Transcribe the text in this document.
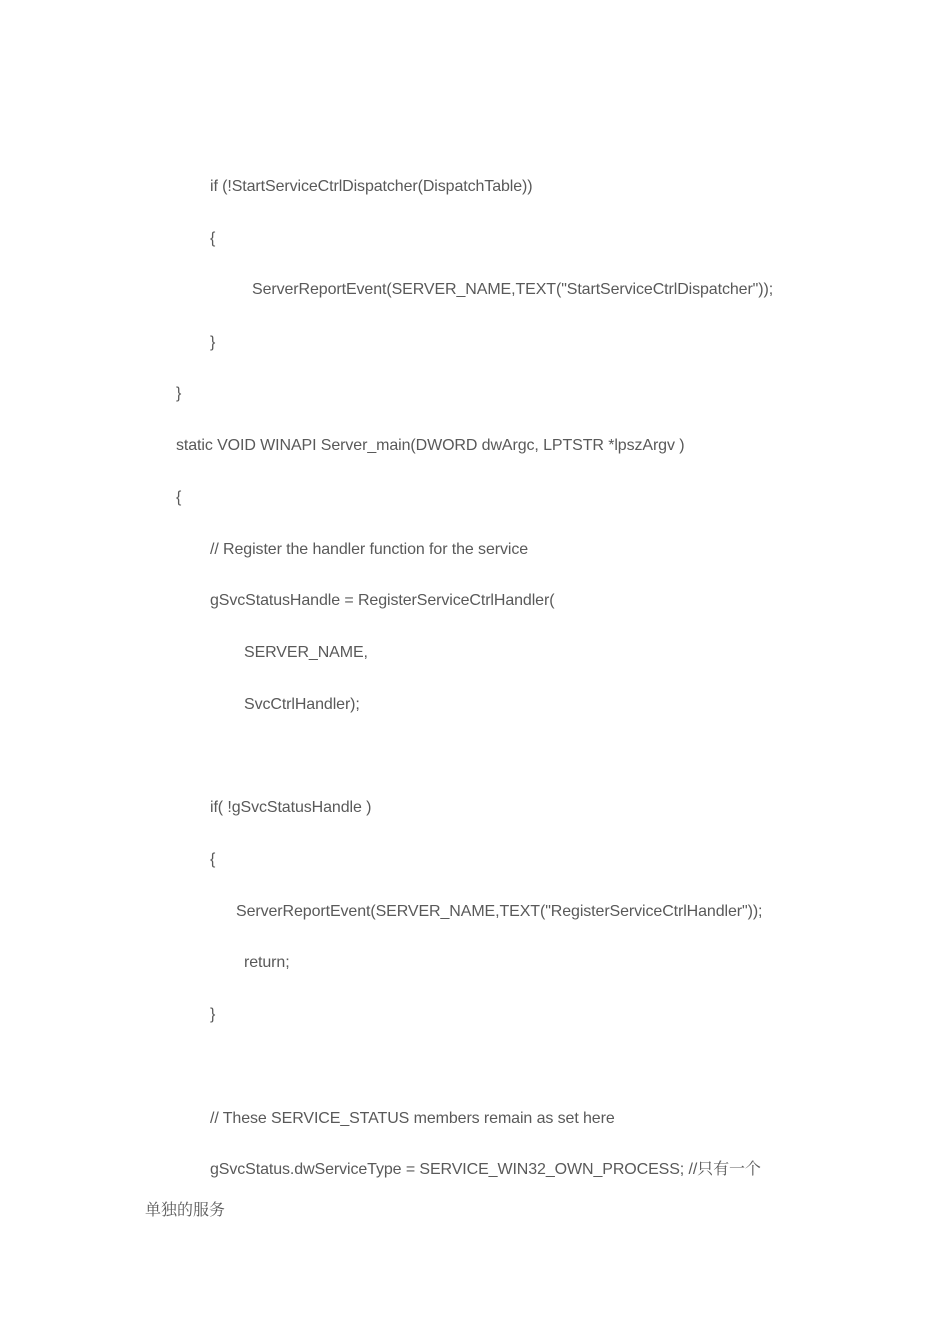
if (!StartServiceCtrlDispatcher(DispatchTable))
{
ServerReportEvent(SERVER_NAME,TEXT("StartServiceCtrlDispatcher"));
}
}
static VOID WINAPI Server_main(DWORD dwArgc, LPTSTR *lpszArgv )
{
// Register the handler function for the service
gSvcStatusHandle = RegisterServiceCtrlHandler(
SERVER_NAME,
SvcCtrlHandler);
if( !gSvcStatusHandle )
{
ServerReportEvent(SERVER_NAME,TEXT("RegisterServiceCtrlHandler"));
return;
}
// These SERVICE_STATUS members remain as set here
gSvcStatus.dwServiceType = SERVICE_WIN32_OWN_PROCESS; //只有一个
单独的服务
